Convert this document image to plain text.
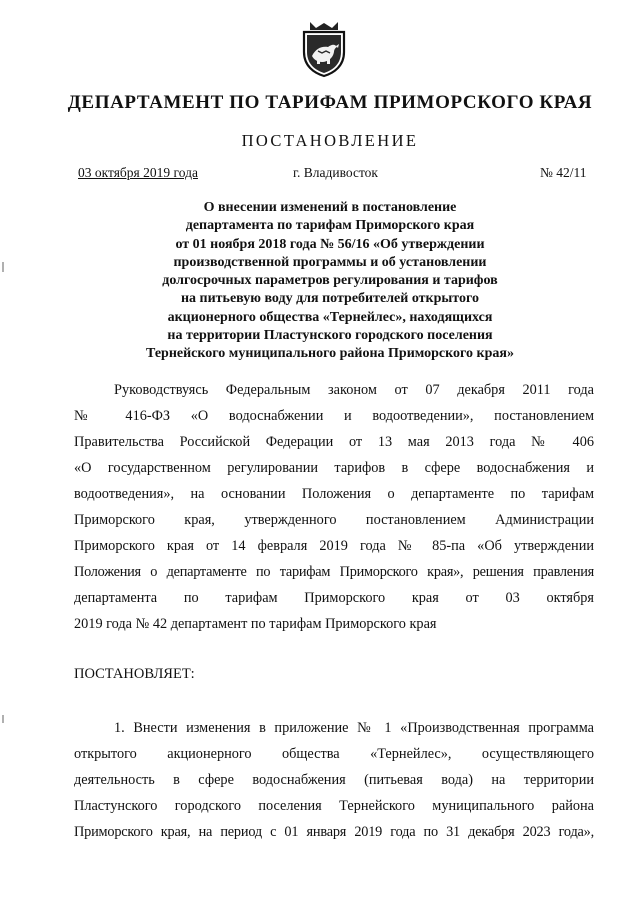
ДЕПАРТАМЕНТ ПО ТАРИФАМ ПРИМОРСКОГО КРАЯ
ПОСТАНОВЛЕНИЕ
03 октября 2019 года	г. Владивосток	№ 42/11
О внесении изменений в постановление
департамента по тарифам Приморского края
от 01 ноября 2018 года № 56/16 «Об утверждении
производственной программы и об установлении
долгосрочных параметров регулирования и тарифов
на питьевую воду для потребителей открытого
акционерного общества «Тернейлес», находящихся
на территории Пластунского городского поселения
Тернейского муниципального района Приморского края»
Руководствуясь Федеральным законом от 07 декабря 2011 года
№ 416-ФЗ «О водоснабжении и водоотведении», постановлением
Правительства Российской Федерации от 13 мая 2013 года № 406
«О государственном регулировании тарифов в сфере водоснабжения и
водоотведения», на основании Положения о департаменте по тарифам
Приморского края, утвержденного постановлением Администрации
Приморского края от 14 февраля 2019 года № 85-па «Об утверждении
Положения о департаменте по тарифам Приморского края», решения правления
департамента по тарифам Приморского края от 03 октября
2019 года № 42 департамент по тарифам Приморского края
ПОСТАНОВЛЯЕТ:
1. Внести изменения в приложение № 1 «Производственная программа
открытого акционерного общества «Тернейлес», осуществляющего
деятельность в сфере водоснабжения (питьевая вода) на территории
Пластунского городского поселения Тернейского муниципального района
Приморского края, на период с 01 января 2019 года по 31 декабря 2023 года»,
